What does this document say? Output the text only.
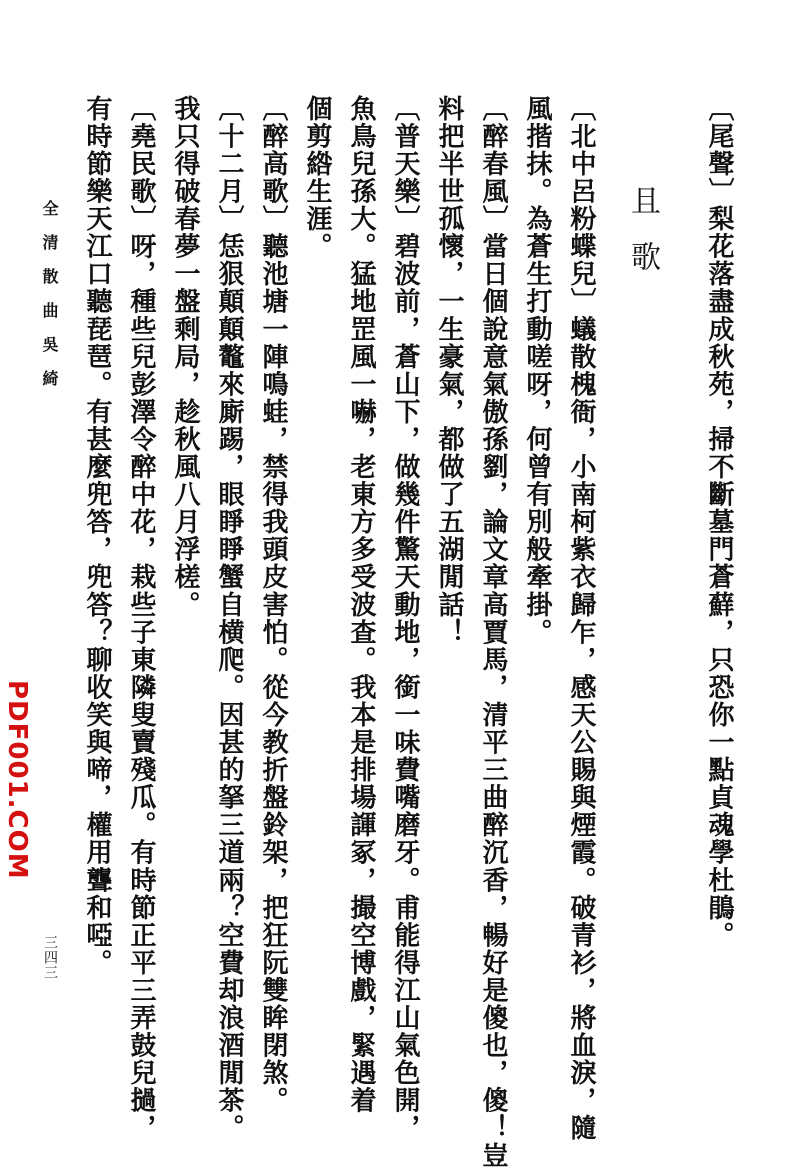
〔尾聲〕梨花落盡成秋苑，掃不斷墓門蒼蘚，只恐你一點貞魂學杜鵑。
且歌
〔北中呂粉蝶兒〕蟻散槐衙，小南柯紫衣歸乍，感天公賜與煙霞。破青衫，將血淚，隨
風揩抹。為蒼生打動嗟呀，何曾有別般牽掛。
〔醉春風〕當日個說意氣傲孫劉，論文章高賈馬，清平三曲醉沉香，暢好是傻也，傻！豈
料把半世孤懷，一生豪氣，都做了五湖閒話！
〔普天樂〕碧波前，蒼山下，做幾件驚天動地，銜一味費嘴磨牙。甫能得江山氣色開，
魚鳥兒孫大。猛地罡風一嚇，老東方多受波查。我本是排場諢冢，撮空博戲，緊遇着
個剪綹生涯。
〔醉高歌〕聽池塘一陣鳴蛙，禁得我頭皮害怕。從今教折盤鈴架，把狂阮雙眸閉煞。
〔十二月〕恁狠顛顛鼇來廝踢，眼睜睜蟹自横爬。因甚的拏三道兩？空費却浪酒閒茶。
我只得破春夢一盤剩局，趁秋風八月浮槎。
〔堯民歌〕呀，種些兒彭澤令醉中花，栽些子東隣叟賣殘瓜。有時節正平三弄鼓兒撾，
有時節樂天江口聽琵琶。有甚麼兜答，兜答？聊收笑與啼，權用聾和啞。
全清散曲吳綺
三四三
PDF001.COM
